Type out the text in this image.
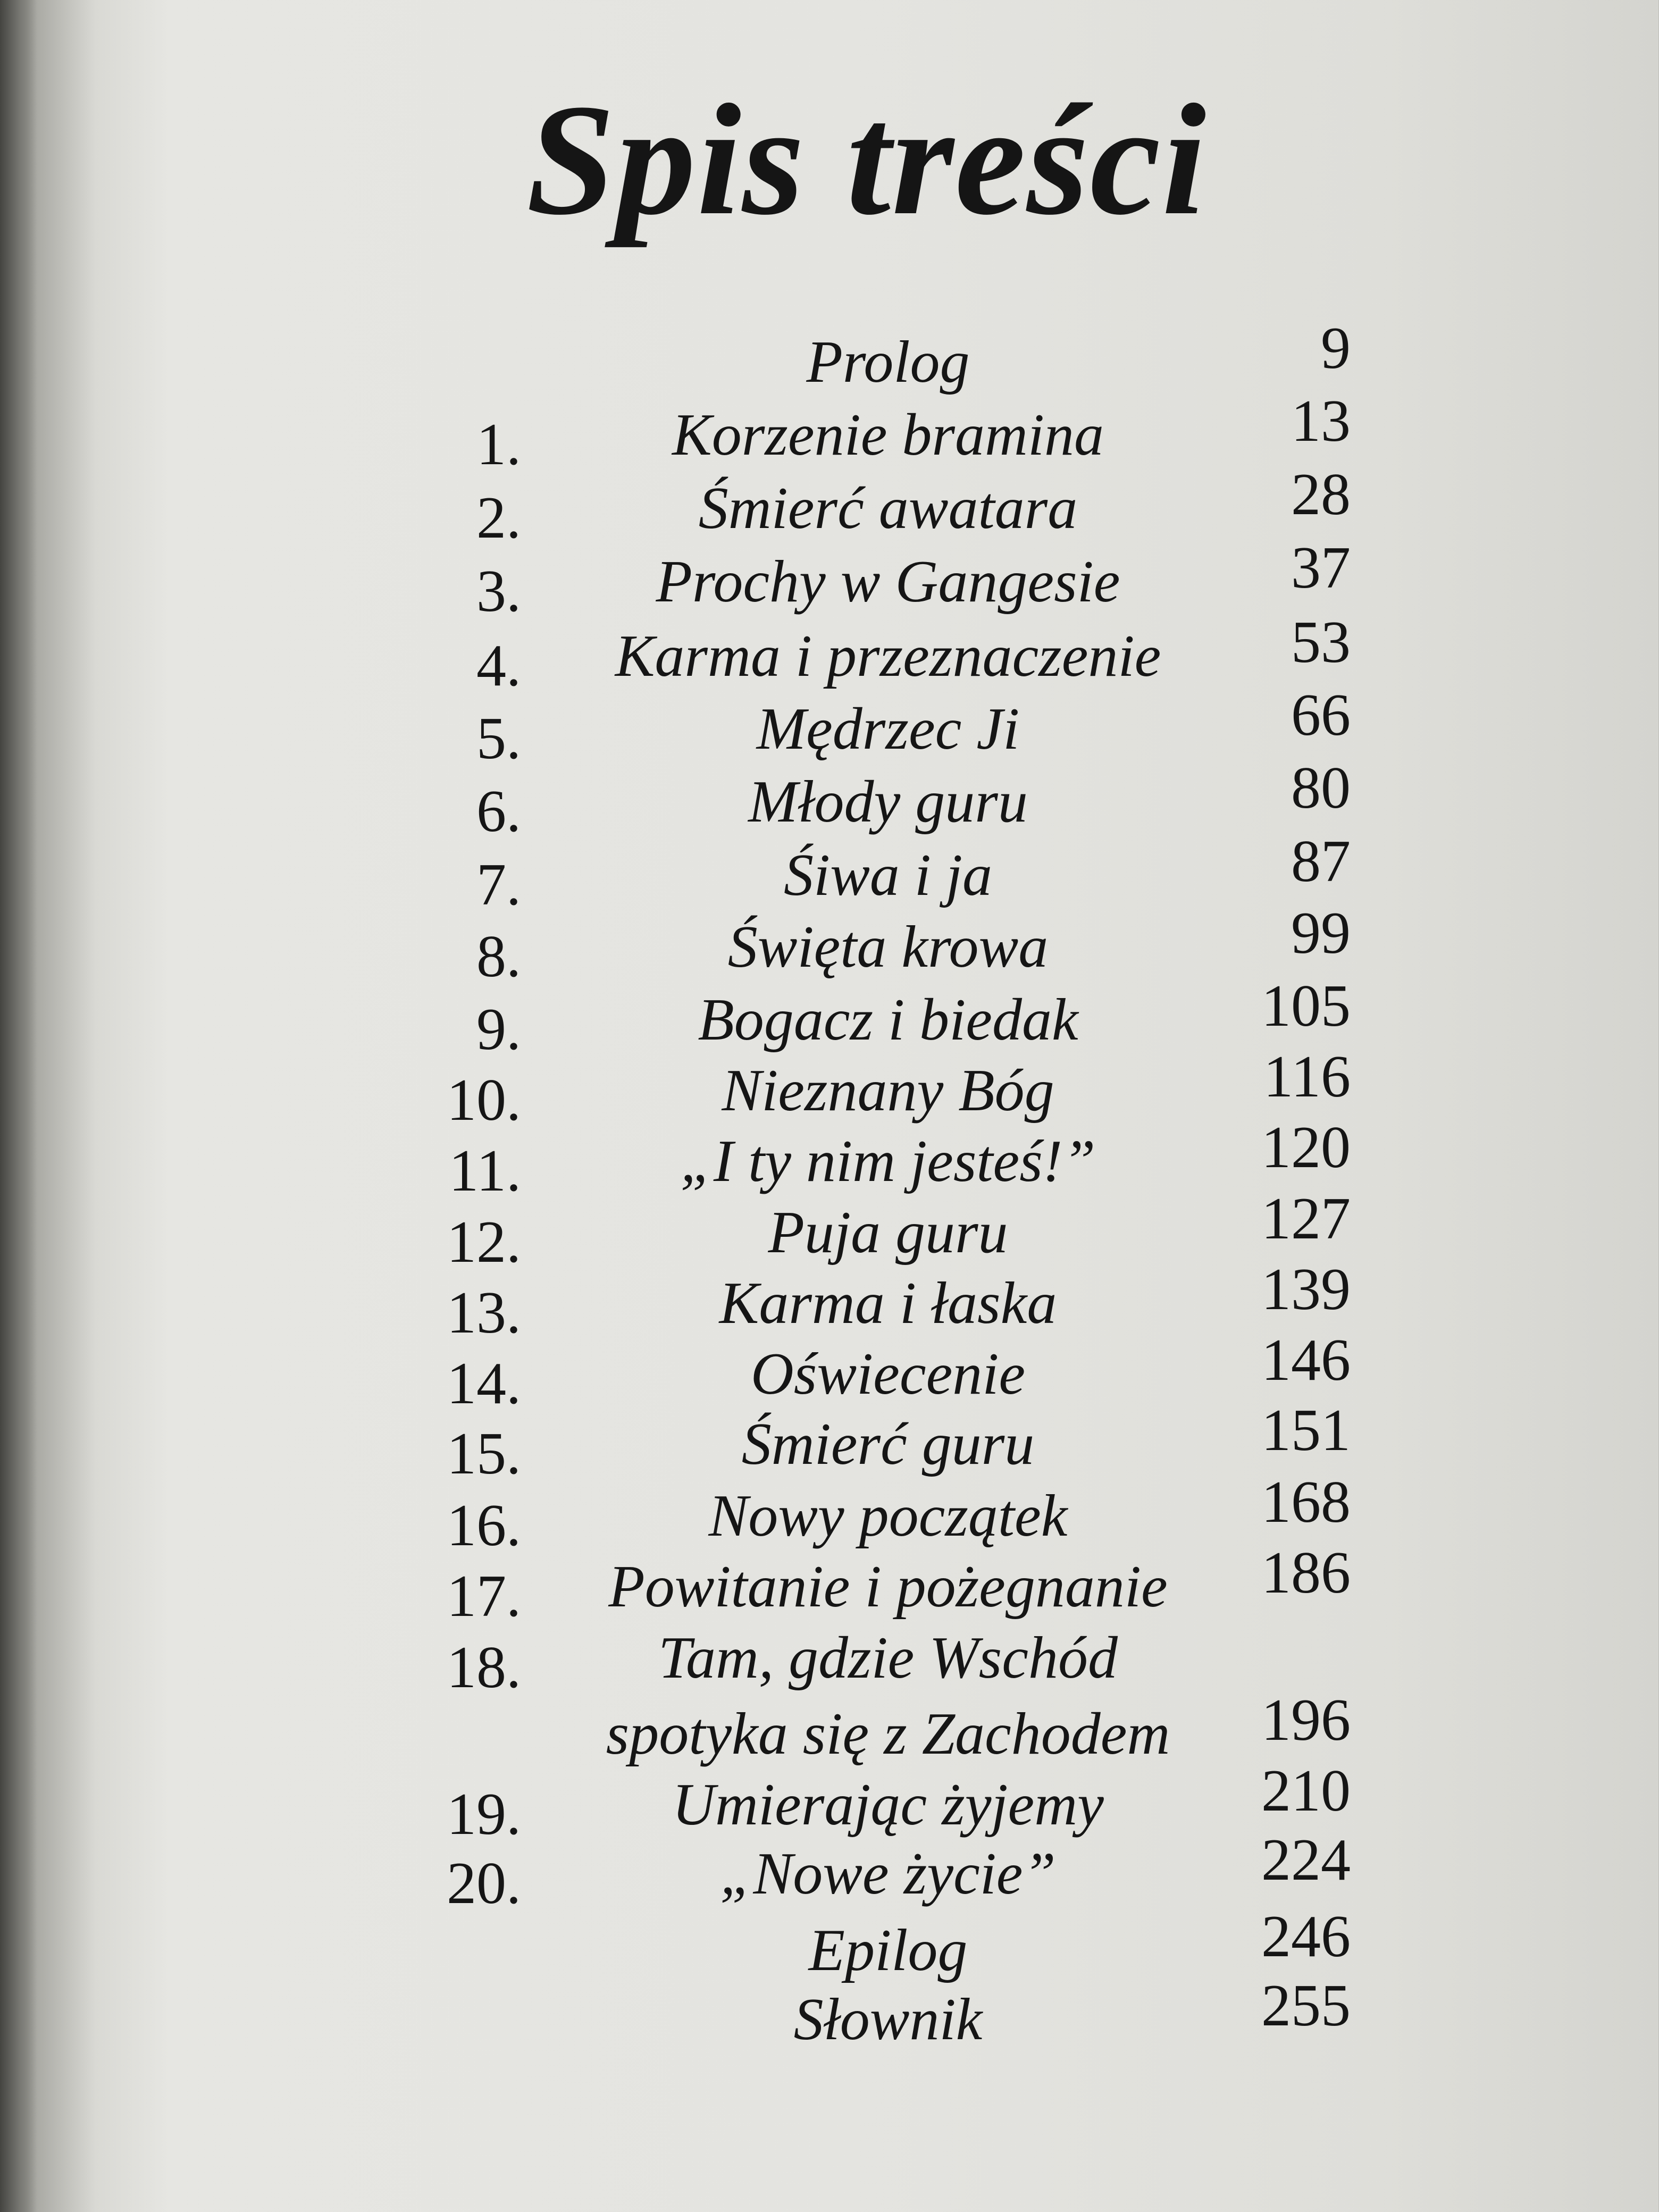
Spis treści
Prolog	9
1.	Korzenie bramina	13
2.	Śmierć awatara	28
3.	Prochy w Gangesie	37
4.	Karma i przeznaczenie	53
5.	Mędrzec Ji	66
6.	Młody guru	80
7.	Śiwa i ja	87
8.	Święta krowa	99
9.	Bogacz i biedak	105
10.	Nieznany Bóg	116
11.	„I ty nim jesteś!”	120
12.	Puja guru	127
13.	Karma i łaska	139
14.	Oświecenie	146
15.	Śmierć guru	151
16.	Nowy początek	168
17.	Powitanie i pożegnanie	186
18.	Tam, gdzie Wschód
spotyka się z Zachodem	196
19.	Umierając żyjemy	210
20.	„Nowe życie”	224
Epilog	246
Słownik	255
